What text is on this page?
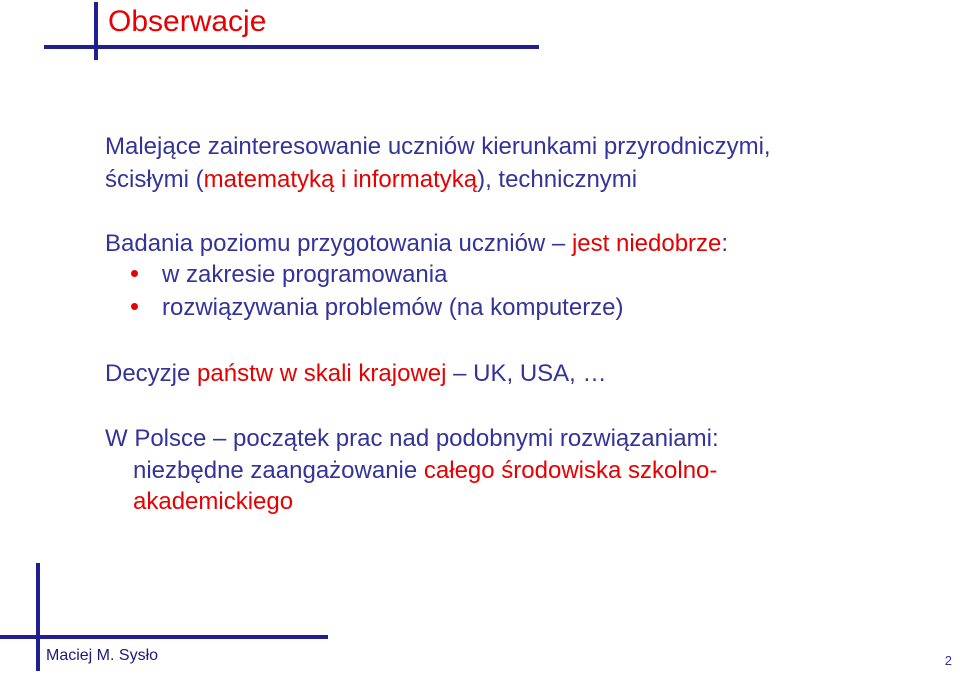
Obserwacje
Malejące zainteresowanie uczniów kierunkami przyrodniczymi,
ścisłymi (matematyką i informatyką), technicznymi
Badania poziomu przygotowania uczniów – jest niedobrze:
w zakresie programowania
rozwiązywania problemów (na komputerze)
Decyzje państw w skali krajowej – UK, USA, …
W Polsce – początek prac nad podobnymi rozwiązaniami:
niezbędne zaangażowanie całego środowiska szkolno-
akademickiego
Maciej M. Sysło	2
